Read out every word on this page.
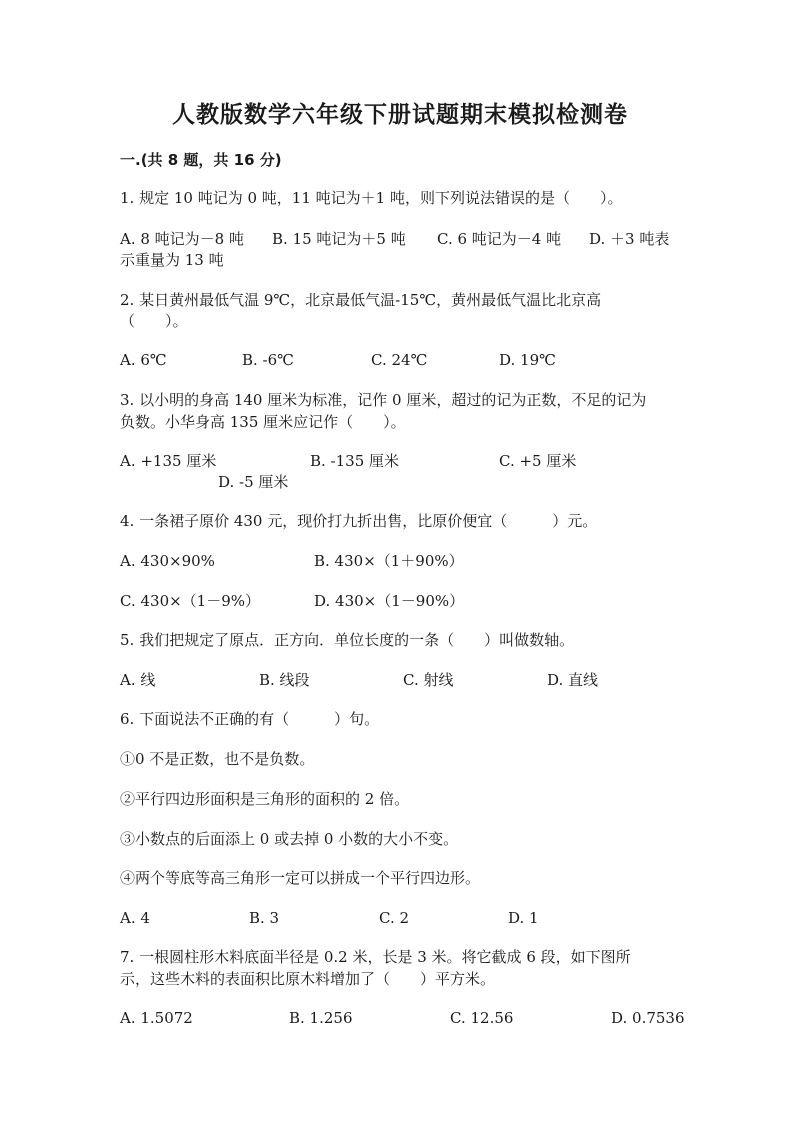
人教版数学六年级下册试题期末模拟检测卷
一.(共 8 题，共 16 分)
1. 规定 10 吨记为 0 吨，11 吨记为＋1 吨，则下列说法错误的是（　　）。
A. 8 吨记为－8 吨 B. 15 吨记为＋5 吨 C. 6 吨记为－4 吨 D. ＋3 吨表
示重量为 13 吨
2. 某日黄州最低气温 9℃，北京最低气温-15℃，黄州最低气温比北京高
（　　）。
A. 6℃	B. -6℃	C. 24℃	D. 19℃
3. 以小明的身高 140 厘米为标准，记作 0 厘米，超过的记为正数，不足的记为
负数。小华身高 135 厘米应记作（　　）。
A. +135 厘米	B. -135 厘米	C. +5 厘米
D. -5 厘米
4. 一条裙子原价 430 元，现价打九折出售，比原价便宜（　　　）元。
A. 430×90%	B. 430×（1＋90%）
C. 430×（1－9%）	D. 430×（1－90%）
5. 我们把规定了原点．正方向．单位长度的一条（　　）叫做数轴。
A. 线	B. 线段	C. 射线	D. 直线
6. 下面说法不正确的有（　　　）句。
①0 不是正数，也不是负数。
②平行四边形面积是三角形的面积的 2 倍。
③小数点的后面添上 0 或去掉 0 小数的大小不变。
④两个等底等高三角形一定可以拼成一个平行四边形。
A. 4	B. 3	C. 2	D. 1
7. 一根圆柱形木料底面半径是 0.2 米，长是 3 米。将它截成 6 段，如下图所
示，这些木料的表面积比原木料增加了（　　）平方米。
A. 1.5072	B. 1.256	C. 12.56	D. 0.7536
